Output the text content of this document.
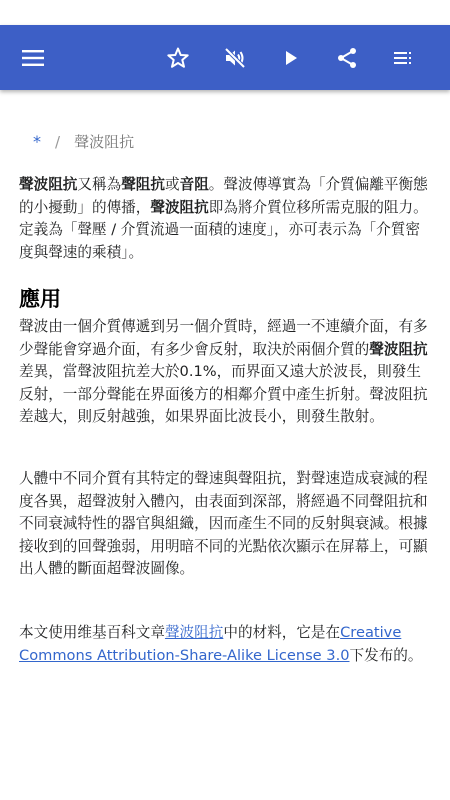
* / 聲波阻抗
聲波阻抗又稱為聲阻抗或音阻。聲波傳導實為「介質偏離平衡態的小擾動」的傳播，聲波阻抗即為將介質位移所需克服的阻力。定義為「聲壓 / 介質流過一面積的速度」，亦可表示為「介質密度與聲速的乘積」。
應用
聲波由一個介質傳遞到另一個介質時，經過一不連續介面，有多少聲能會穿過介面，有多少會反射，取決於兩個介質的聲波阻抗差異，當聲波阻抗差大於0.1%，而界面又遠大於波長，則發生反射，一部分聲能在界面後方的相鄰介質中產生折射。聲波阻抗差越大，則反射越強，如果界面比波長小，則發生散射。
人體中不同介質有其特定的聲速與聲阻抗，對聲速造成衰減的程度各異，超聲波射入體內，由表面到深部，將經過不同聲阻抗和不同衰減特性的器官與組織，因而產生不同的反射與衰減。根據接收到的回聲強弱，用明暗不同的光點依次顯示在屏幕上，可顯出人體的斷面超聲波圖像。
本文使用维基百科文章聲波阻抗中的材料，它是在Creative Commons Attribution-Share-Alike License 3.0下发布的。
